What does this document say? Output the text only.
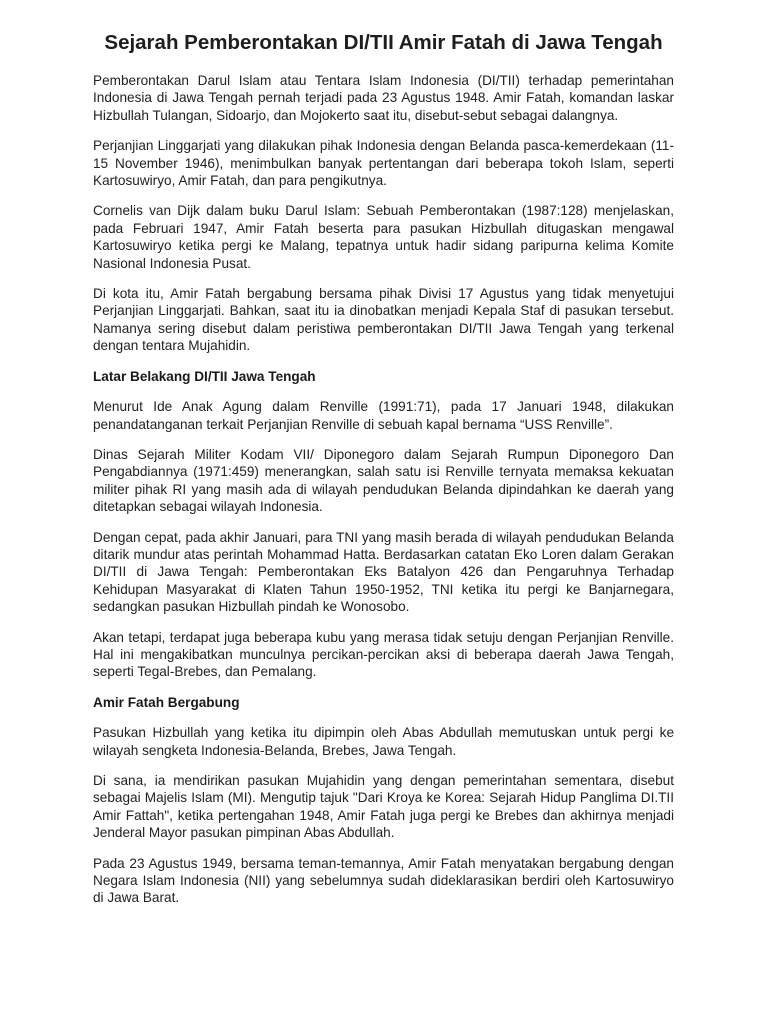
Sejarah Pemberontakan DI/TII Amir Fatah di Jawa Tengah

Pemberontakan Darul Islam atau Tentara Islam Indonesia (DI/TII) terhadap pemerintahan Indonesia di Jawa Tengah pernah terjadi pada 23 Agustus 1948. Amir Fatah, komandan laskar Hizbullah Tulangan, Sidoarjo, dan Mojokerto saat itu, disebut-sebut sebagai dalangnya.

Perjanjian Linggarjati yang dilakukan pihak Indonesia dengan Belanda pasca-kemerdekaan (11-15 November 1946), menimbulkan banyak pertentangan dari beberapa tokoh Islam, seperti Kartosuwiryo, Amir Fatah, dan para pengikutnya.

Cornelis van Dijk dalam buku Darul Islam: Sebuah Pemberontakan (1987:128) menjelaskan, pada Februari 1947, Amir Fatah beserta para pasukan Hizbullah ditugaskan mengawal Kartosuwiryo ketika pergi ke Malang, tepatnya untuk hadir sidang paripurna kelima Komite Nasional Indonesia Pusat.

Di kota itu, Amir Fatah bergabung bersama pihak Divisi 17 Agustus yang tidak menyetujui Perjanjian Linggarjati. Bahkan, saat itu ia dinobatkan menjadi Kepala Staf di pasukan tersebut. Namanya sering disebut dalam peristiwa pemberontakan DI/TII Jawa Tengah yang terkenal dengan tentara Mujahidin.

Latar Belakang DI/TII Jawa Tengah

Menurut Ide Anak Agung dalam Renville (1991:71), pada 17 Januari 1948, dilakukan penandatanganan terkait Perjanjian Renville di sebuah kapal bernama “USS Renville”.

Dinas Sejarah Militer Kodam VII/ Diponegoro dalam Sejarah Rumpun Diponegoro Dan Pengabdiannya (1971:459) menerangkan, salah satu isi Renville ternyata memaksa kekuatan militer pihak RI yang masih ada di wilayah pendudukan Belanda dipindahkan ke daerah yang ditetapkan sebagai wilayah Indonesia.

Dengan cepat, pada akhir Januari, para TNI yang masih berada di wilayah pendudukan Belanda ditarik mundur atas perintah Mohammad Hatta. Berdasarkan catatan Eko Loren dalam Gerakan DI/TII di Jawa Tengah: Pemberontakan Eks Batalyon 426 dan Pengaruhnya Terhadap Kehidupan Masyarakat di Klaten Tahun 1950-1952, TNI ketika itu pergi ke Banjarnegara, sedangkan pasukan Hizbullah pindah ke Wonosobo.

Akan tetapi, terdapat juga beberapa kubu yang merasa tidak setuju dengan Perjanjian Renville. Hal ini mengakibatkan munculnya percikan-percikan aksi di beberapa daerah Jawa Tengah, seperti Tegal-Brebes, dan Pemalang.

Amir Fatah Bergabung

Pasukan Hizbullah yang ketika itu dipimpin oleh Abas Abdullah memutuskan untuk pergi ke wilayah sengketa Indonesia-Belanda, Brebes, Jawa Tengah.

Di sana, ia mendirikan pasukan Mujahidin yang dengan pemerintahan sementara, disebut sebagai Majelis Islam (MI). Mengutip tajuk "Dari Kroya ke Korea: Sejarah Hidup Panglima DI.TII Amir Fattah", ketika pertengahan 1948, Amir Fatah juga pergi ke Brebes dan akhirnya menjadi Jenderal Mayor pasukan pimpinan Abas Abdullah.

Pada 23 Agustus 1949, bersama teman-temannya, Amir Fatah menyatakan bergabung dengan Negara Islam Indonesia (NII) yang sebelumnya sudah dideklarasikan berdiri oleh Kartosuwiryo di Jawa Barat.
